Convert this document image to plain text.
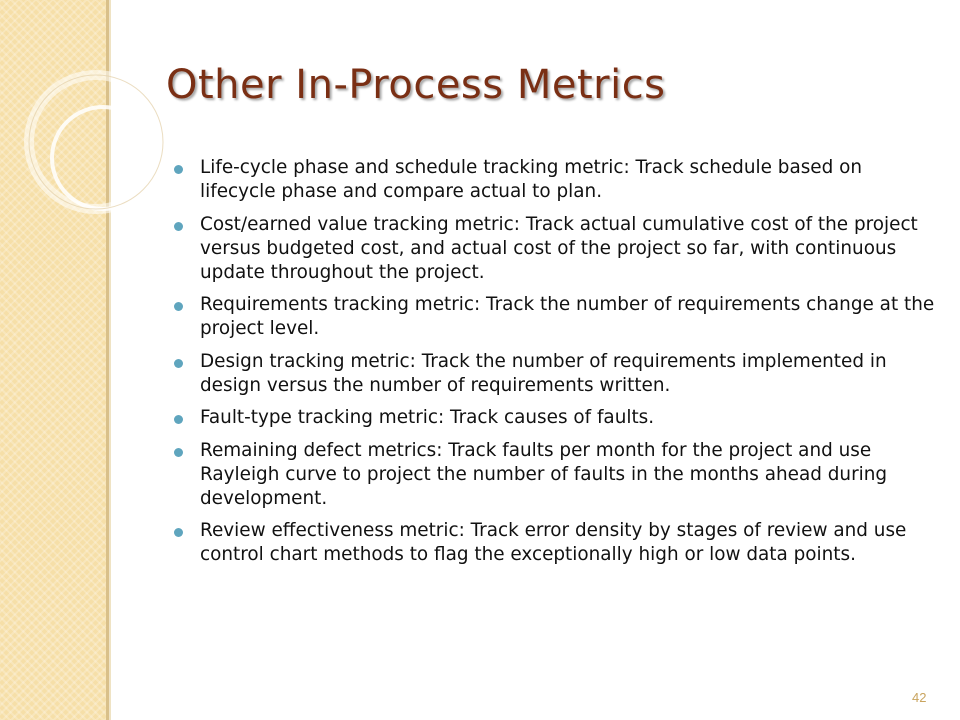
Other In-Process Metrics
Life-cycle phase and schedule tracking metric: Track schedule based on lifecycle phase and compare actual to plan.
Cost/earned value tracking metric: Track actual cumulative cost of the project versus budgeted cost, and actual cost of the project so far, with continuous update throughout the project.
Requirements tracking metric: Track the number of requirements change at the project level.
Design tracking metric: Track the number of requirements implemented in design versus the number of requirements written.
Fault-type tracking metric: Track causes of faults.
Remaining defect metrics: Track faults per month for the project and use Rayleigh curve to project the number of faults in the months ahead during development.
Review effectiveness metric: Track error density by stages of review and use control chart methods to flag the exceptionally high or low data points.
42
